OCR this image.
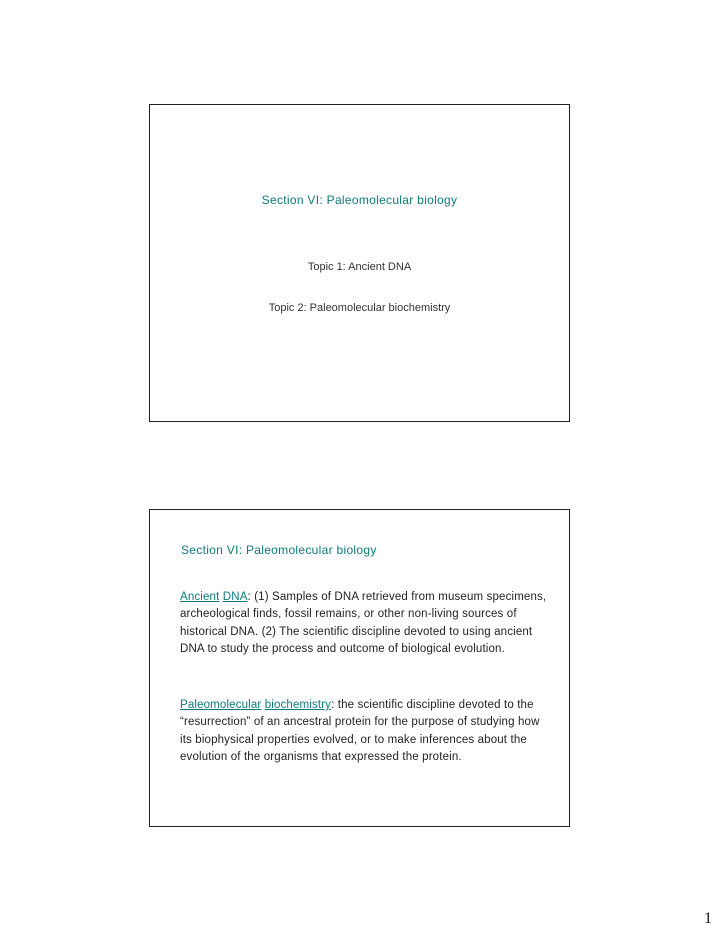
Section VI: Paleomolecular biology
Topic 1: Ancient DNA
Topic 2: Paleomolecular biochemistry
Section VI: Paleomolecular biology

Ancient DNA: (1) Samples of DNA retrieved from museum specimens, archeological finds, fossil remains, or other non-living sources of historical DNA. (2) The scientific discipline devoted to using ancient DNA to study the process and outcome of biological evolution.

Paleomolecular biochemistry: the scientific discipline devoted to the “resurrection” of an ancestral protein for the purpose of studying how its biophysical properties evolved, or to make inferences about the evolution of the organisms that expressed the protein.

1
